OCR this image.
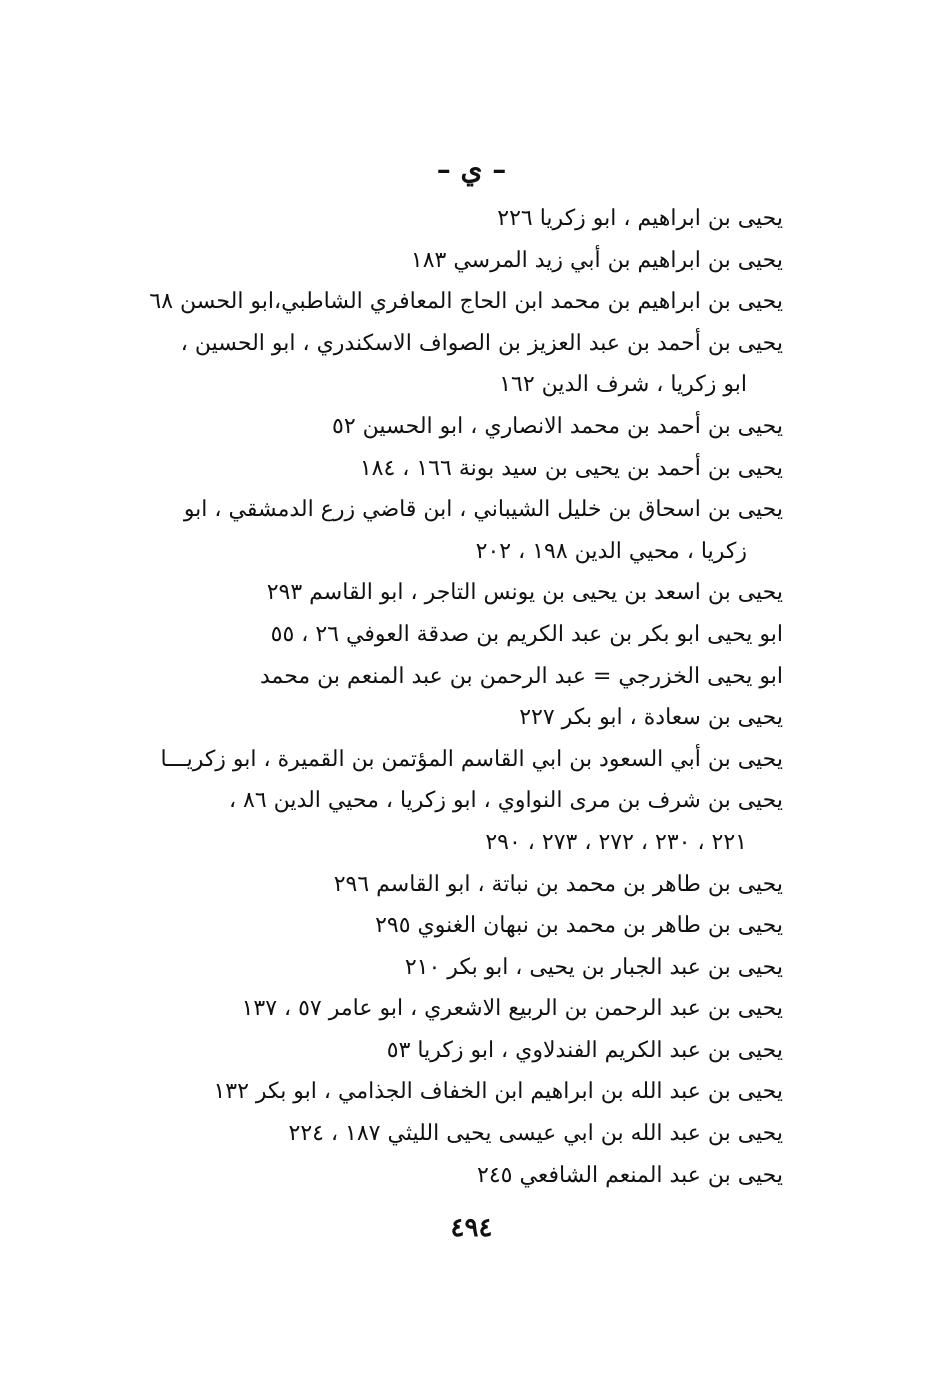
– ي –
يحيى بن ابراهيم ، ابو زكريا ٢٢٦
يحيى بن ابراهيم بن أبي زيد المرسي ١٨٣
يحيى بن ابراهيم بن محمد ابن الحاج المعافري الشاطبي،ابو الحسن ٦٨
يحيى بن أحمد بن عبد العزيز بن الصواف الاسكندري ، ابو الحسين ،
ابو زكريا ، شرف الدين ١٦٢
يحيى بن أحمد بن محمد الانصاري ، ابو الحسين ٥٢
يحيى بن أحمد بن يحيى بن سيد بونة ١٦٦ ، ١٨٤
يحيى بن اسحاق بن خليل الشيباني ، ابن قاضي زرع الدمشقي ، ابو
زكريا ، محيي الدين ١٩٨ ، ٢٠٢
يحيى بن اسعد بن يحيى بن يونس التاجر ، ابو القاسم ٢٩٣
ابو يحيى ابو بكر بن عبد الكريم بن صدقة العوفي ٢٦ ، ٥٥
ابو يحيى الخزرجي = عبد الرحمن بن عبد المنعم بن محمد
يحيى بن سعادة ، ابو بكر ٢٢٧
يحيى بن أبي السعود بن ابي القاسم المؤتمن بن القميرة ، ابو زكريـــا
يحيى بن شرف بن مرى النواوي ، ابو زكريا ، محيي الدين ٨٦ ،
٢٢١ ، ٢٣٠ ، ٢٧٢ ، ٢٧٣ ، ٢٩٠
يحيى بن طاهر بن محمد بن نباتة ، ابو القاسم ٢٩٦
يحيى بن طاهر بن محمد بن نبهان الغنوي ٢٩٥
يحيى بن عبد الجبار بن يحيى ، ابو بكر ٢١٠
يحيى بن عبد الرحمن بن الربيع الاشعري ، ابو عامر ٥٧ ، ١٣٧
يحيى بن عبد الكريم الفندلاوي ، ابو زكريا ٥٣
يحيى بن عبد الله بن ابراهيم ابن الخفاف الجذامي ، ابو بكر ١٣٢
يحيى بن عبد الله بن ابي عيسى يحيى الليثي ١٨٧ ، ٢٢٤
يحيى بن عبد المنعم الشافعي ٢٤٥
٤٩٤
